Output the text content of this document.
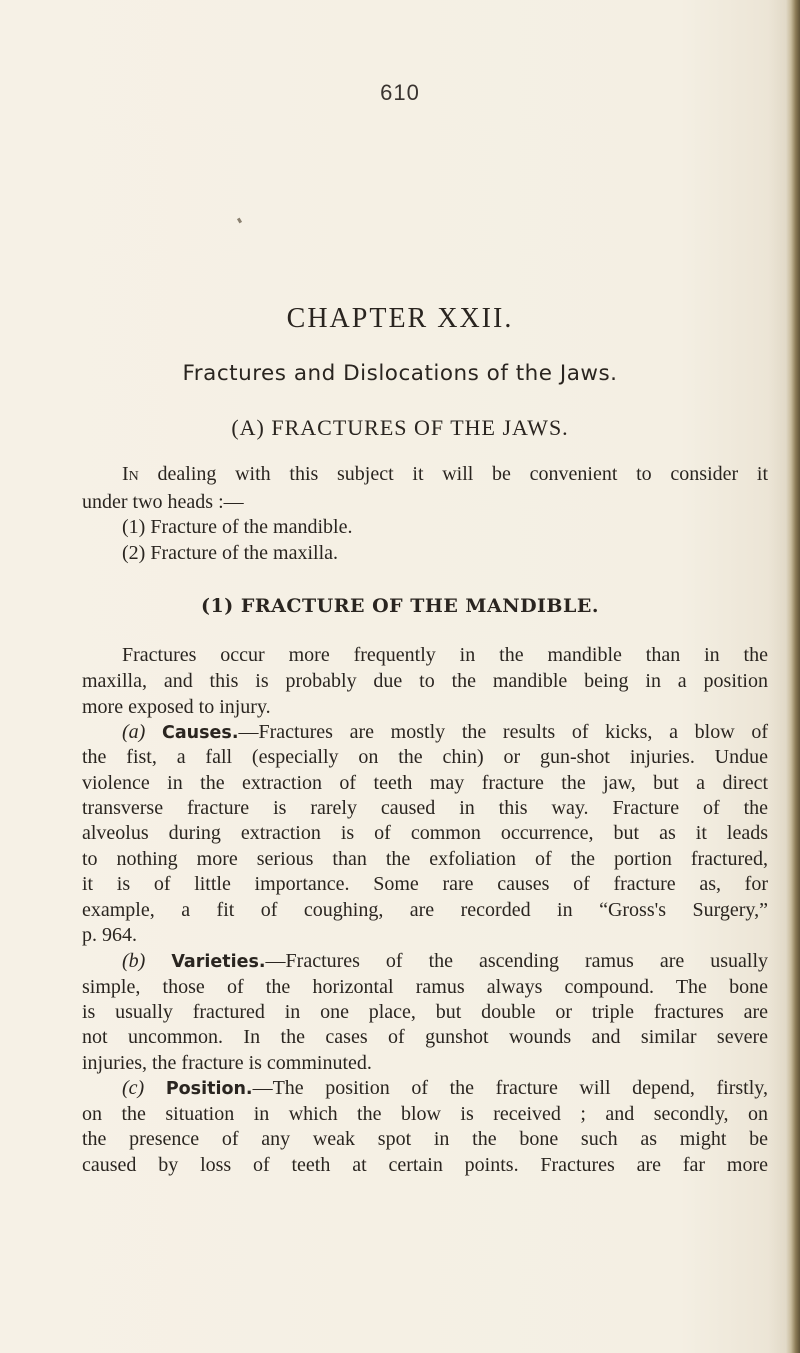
610
CHAPTER XXII.
Fractures and Dislocations of the Jaws.
(A) FRACTURES OF THE JAWS.
In dealing with this subject it will be convenient to consider it
under two heads :—
(1) Fracture of the mandible.
(2) Fracture of the maxilla.
(1) FRACTURE OF THE MANDIBLE.
Fractures occur more frequently in the mandible than in the
maxilla, and this is probably due to the mandible being in a position
more exposed to injury.
(a) Causes.—Fractures are mostly the results of kicks, a blow of
the fist, a fall (especially on the chin) or gun-shot injuries. Undue
violence in the extraction of teeth may fracture the jaw, but a direct
transverse fracture is rarely caused in this way. Fracture of the
alveolus during extraction is of common occurrence, but as it leads
to nothing more serious than the exfoliation of the portion fractured,
it is of little importance. Some rare causes of fracture as, for
example, a fit of coughing, are recorded in “Gross's Surgery,”
p. 964.
(b) Varieties.—Fractures of the ascending ramus are usually
simple, those of the horizontal ramus always compound. The bone
is usually fractured in one place, but double or triple fractures are
not uncommon. In the cases of gunshot wounds and similar severe
injuries, the fracture is comminuted.
(c) Position.—The position of the fracture will depend, firstly,
on the situation in which the blow is received ; and secondly, on
the presence of any weak spot in the bone such as might be
caused by loss of teeth at certain points. Fractures are far more
